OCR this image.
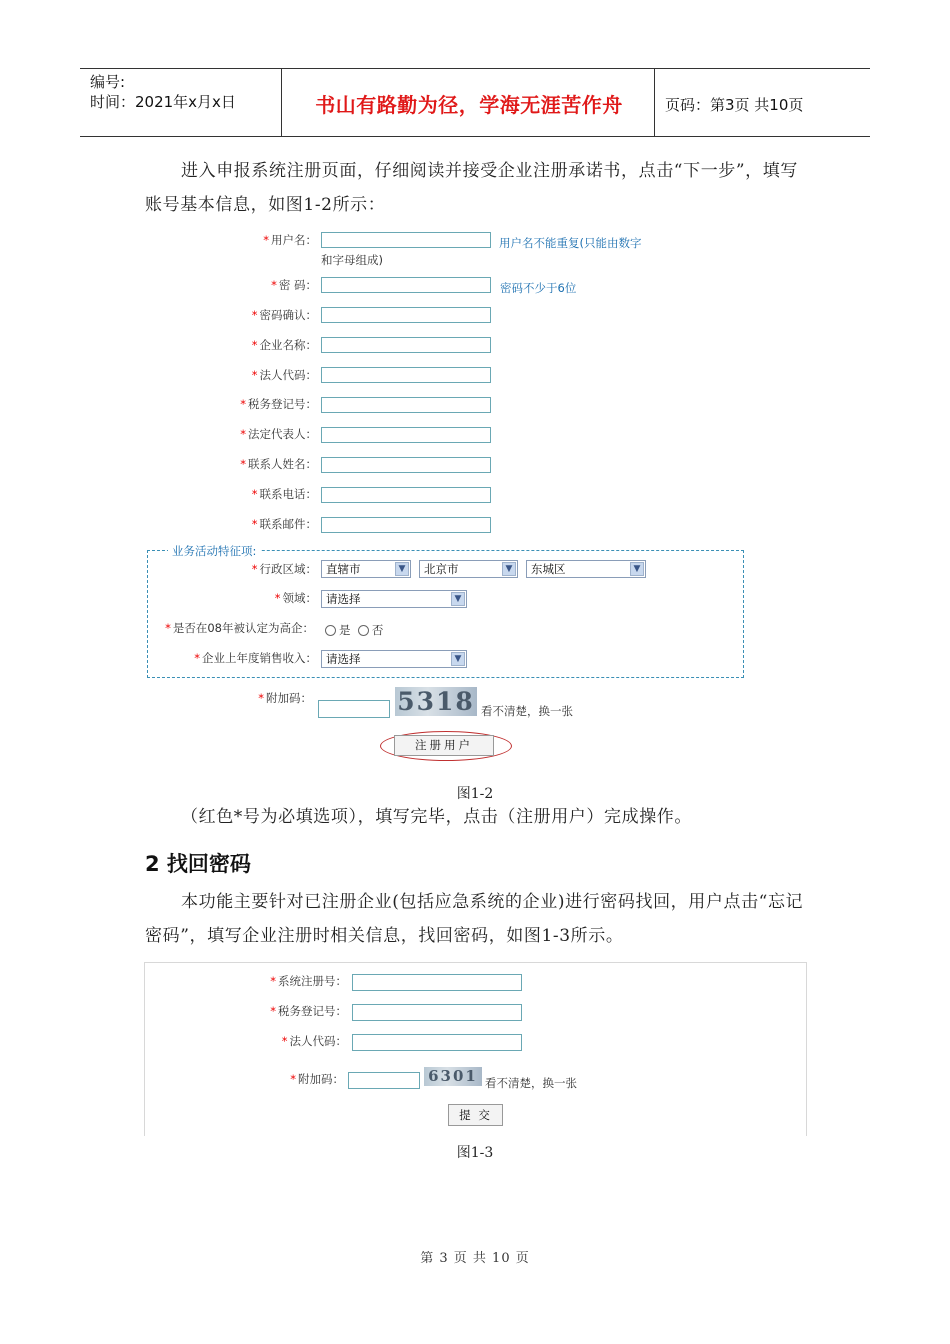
编号:
时间：2021年x月x日	书山有路勤为径，学海无涯苦作舟	页码：第3页 共10页
进入申报系统注册页面，仔细阅读并接受企业注册承诺书，点击“下一步”，填写账号基本信息，如图1-2所示：
* 用户名：	用户名不能重复(只能由数字
和字母组成)
* 密 码：	密码不少于6位
* 密码确认：
* 企业名称：
* 法人代码：
* 税务登记号：
* 法定代表人：
* 联系人姓名：
* 联系电话：
* 联系邮件：
业务活动特征项:
* 行政区域： 直辖市	▼	北京市	▼	东城区	▼
* 领域： 请选择	▼
* 是否在08年被认定为高企：	是 否
* 企业上年度销售收入： 请选择	▼
* 附加码：	5318 看不清楚，换一张
注册用户
图1-2
（红色*号为必填选项），填写完毕，点击（注册用户）完成操作。
2 找回密码
本功能主要针对已注册企业(包括应急系统的企业)进行密码找回，用户点击“忘记密码”，填写企业注册时相关信息，找回密码，如图1-3所示。
* 系统注册号：
* 税务登记号：
* 法人代码：
* 附加码：	6301 看不清楚，换一张
提 交
图1-3
第 3 页 共 10 页
